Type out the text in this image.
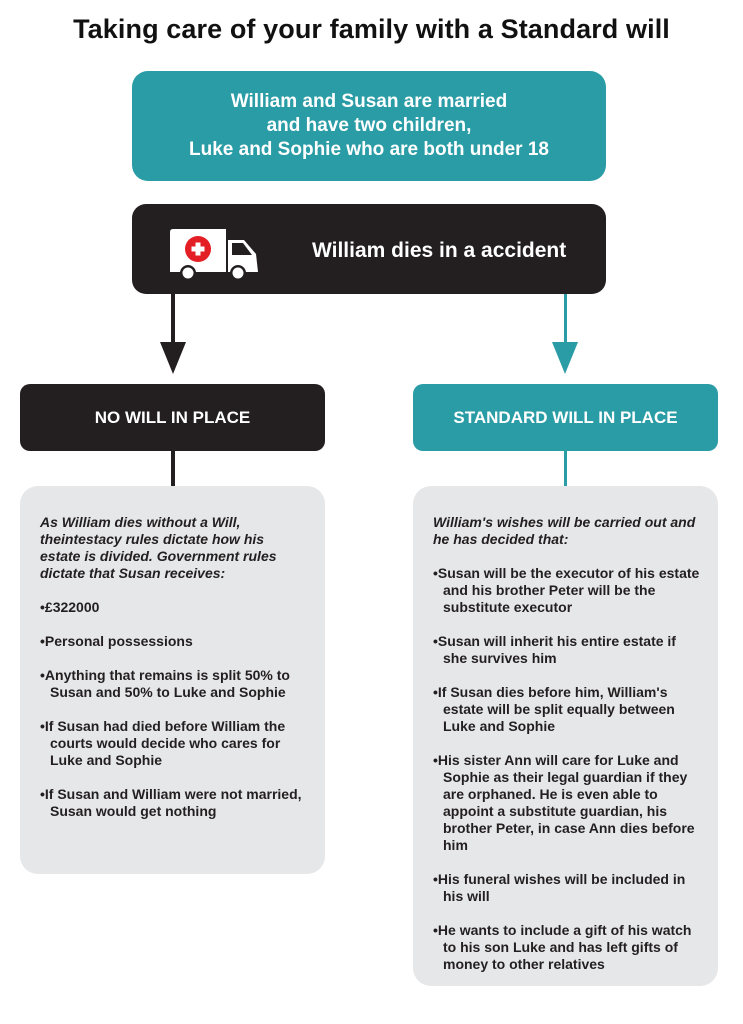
Taking care of your family with a Standard will
William and Susan are married
and have two children,
Luke and Sophie who are both under 18
William dies in a accident
NO WILL IN PLACE	STANDARD WILL IN PLACE

As William dies without a Will, theintestacy rules dictate how his estate is divided. Government rules dictate that Susan receives:

• £322000
• Personal possessions
• Anything that remains is split 50% to Susan and 50% to Luke and Sophie
• If Susan had died before William the courts would decide who cares for Luke and Sophie
• If Susan and William were not married, Susan would get nothing

William's wishes will be carried out and he has decided that:

• Susan will be the executor of his estate and his brother Peter will be the substitute executor
• Susan will inherit his entire estate if she survives him
• If Susan dies before him, William's estate will be split equally between Luke and Sophie
• His sister Ann will care for Luke and Sophie as their legal guardian if they are orphaned. He is even able to appoint a substitute guardian, his brother Peter, in case Ann dies before him
• His funeral wishes will be included in his will
• He wants to include a gift of his watch to his son Luke and has left gifts of money to other relatives
